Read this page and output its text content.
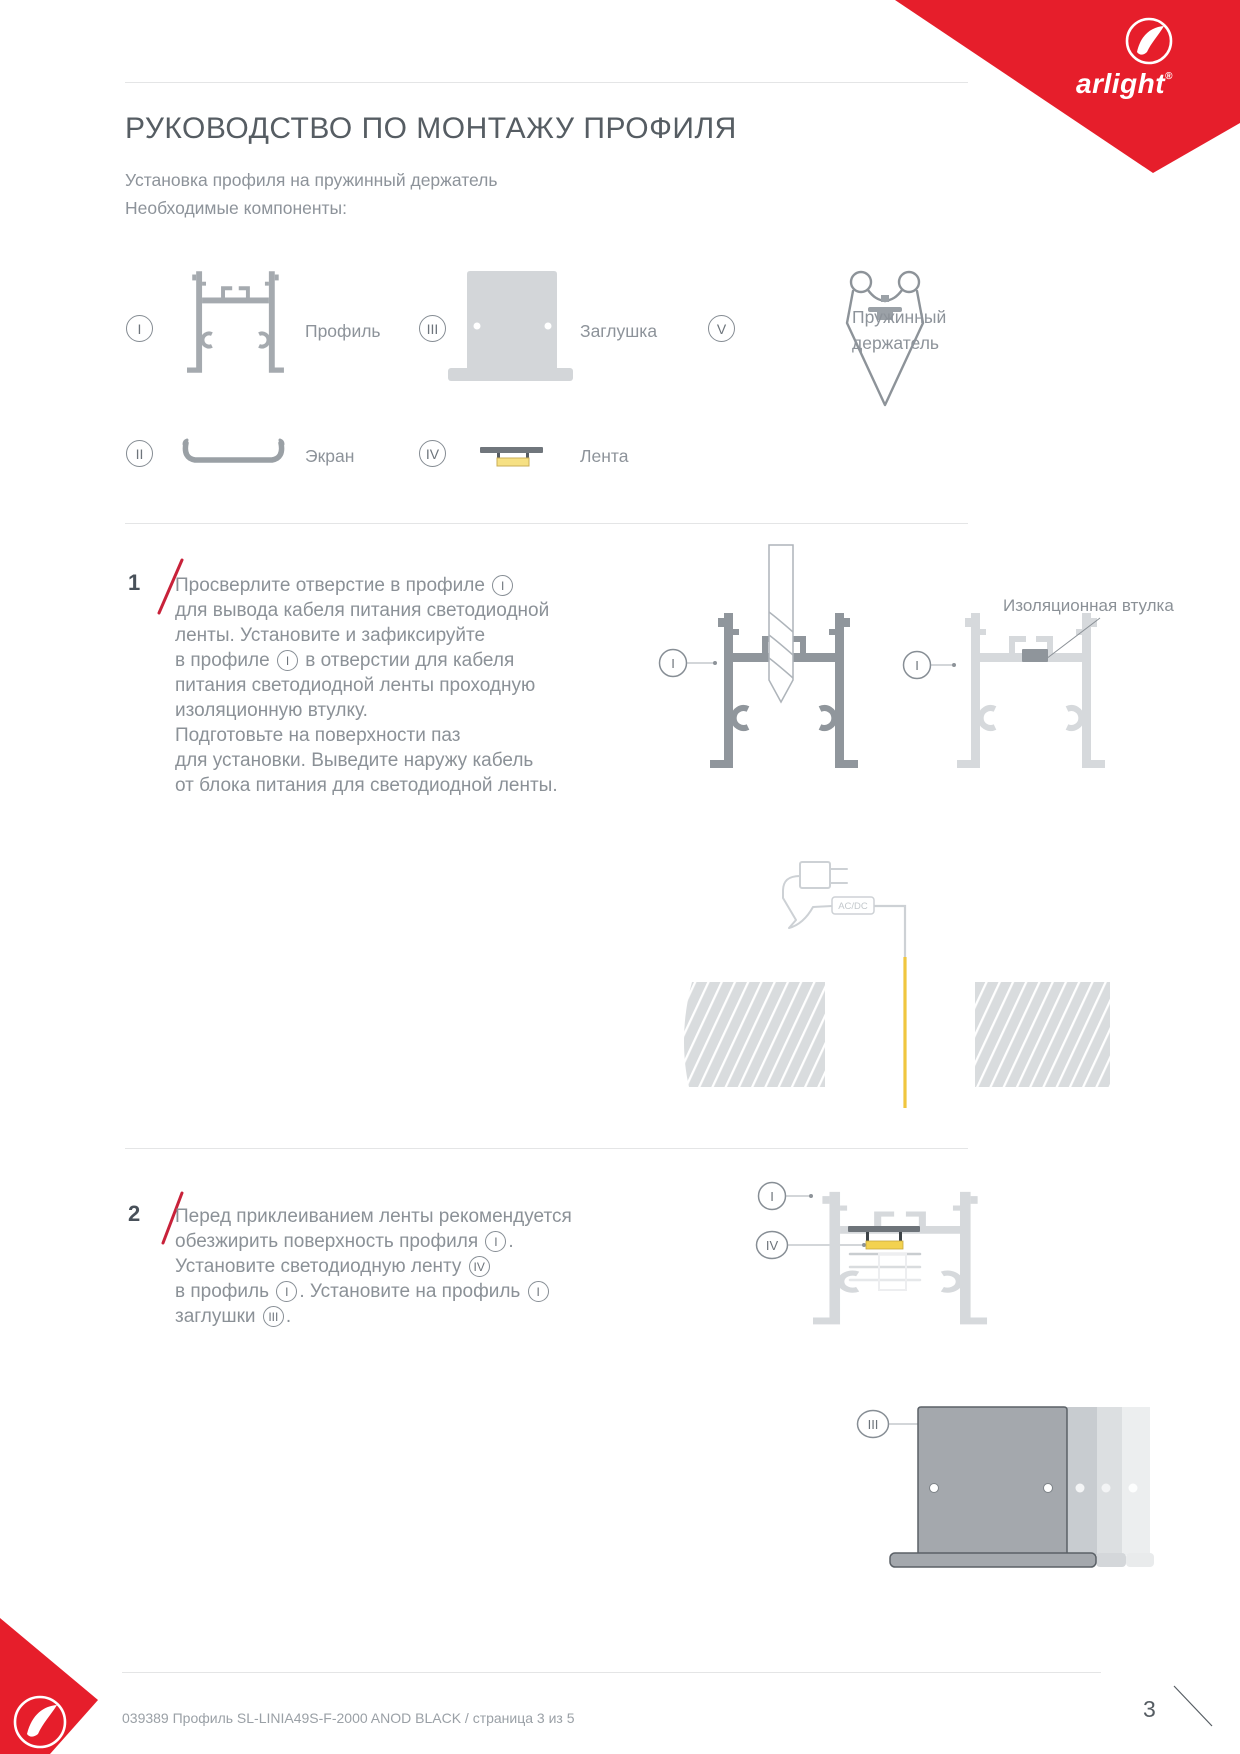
I	I
AC/DC
I
IV
III
arlight®
РУКОВОДСТВО ПО МОНТАЖУ ПРОФИЛЯ
Установка профиля на пружинный держатель
Необходимые компоненты:
I	Профиль	III	Заглушка	V
Пружинный держатель
II	Экран	IV	Лента
1 Просверлите отверстие в профиле I
для вывода кабеля питания светодиодной
ленты. Установите и зафиксируйте
в профиле I в отверстии для кабеля
питания светодиодной ленты проходную
изоляционную втулку.
Подготовьте на поверхности паз
для установки. Выведите наружу кабель
от блока питания для светодиодной ленты.
Изоляционная втулка
2 Перед приклеиванием ленты рекомендуется
обезжирить поверхность профиля I .
Установите светодиодную ленту IV
в профиль I . Установите на профиль I
заглушки III .
039389 Профиль SL-LINIA49S-F-2000 ANOD BLACK / страница 3 из 5	3
